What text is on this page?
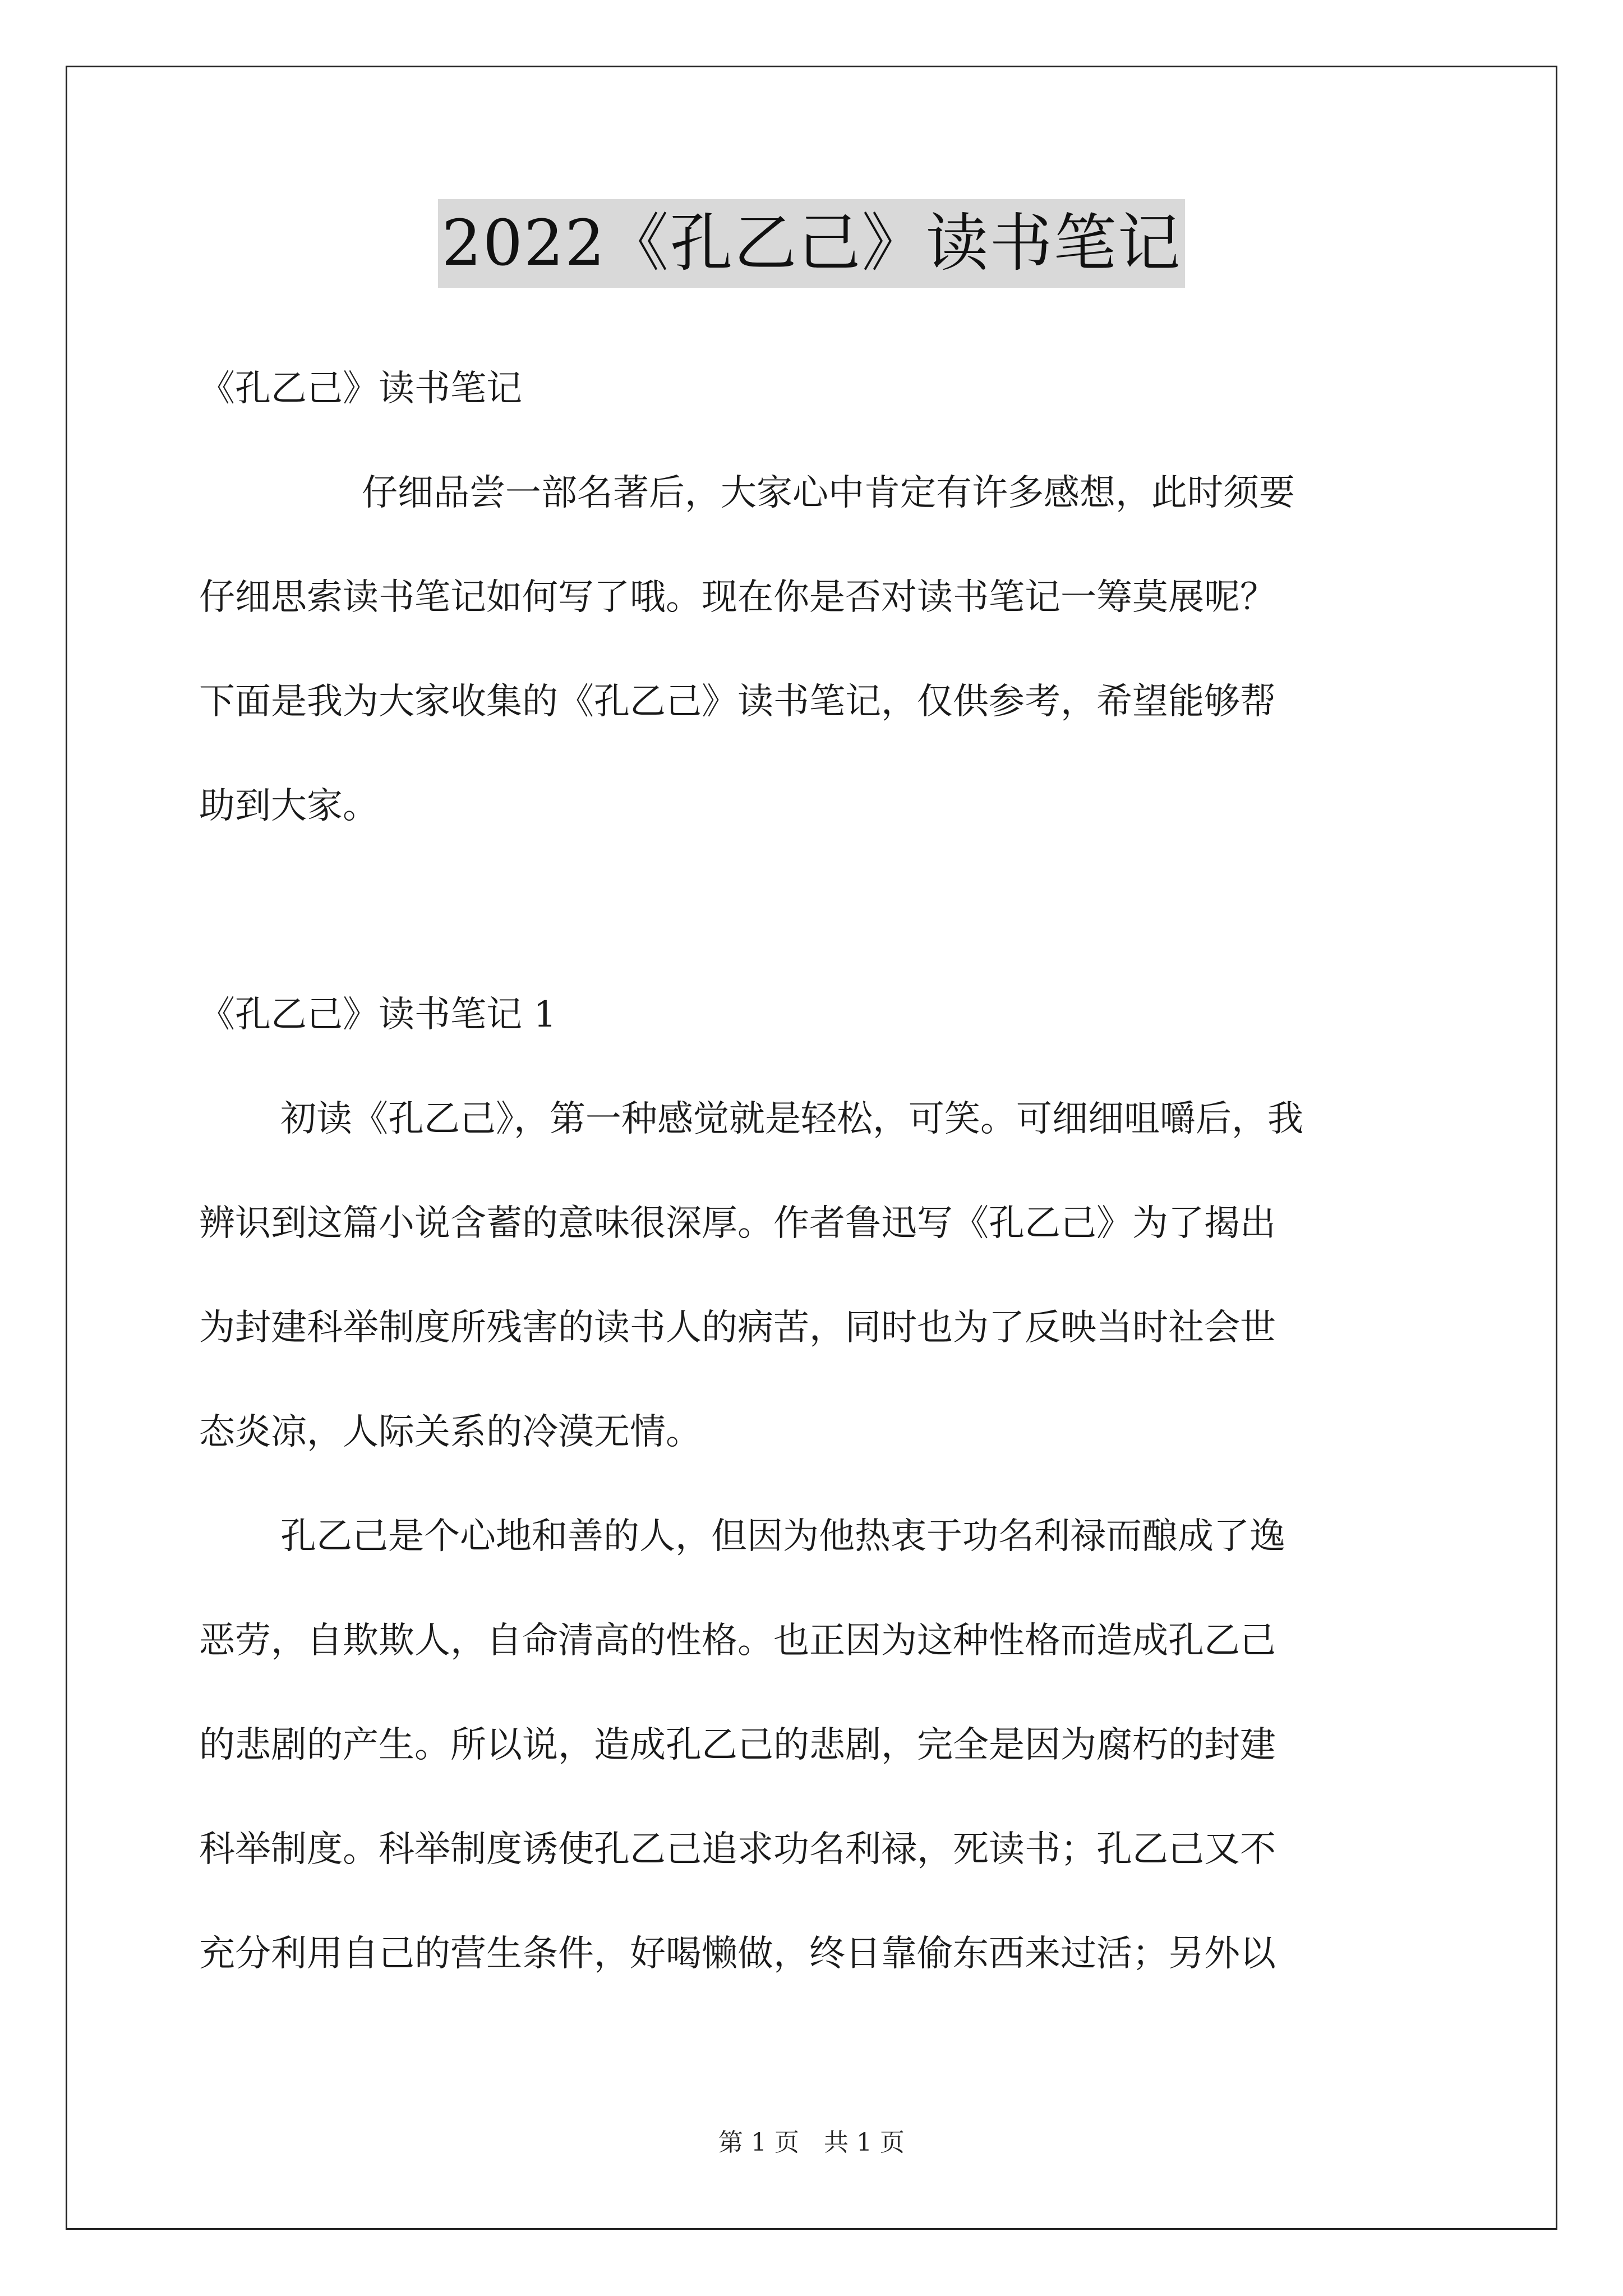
2022《孔乙己》读书笔记
《孔乙己》读书笔记
仔细品尝一部名著后，大家心中肯定有许多感想，此时须要
仔细思索读书笔记如何写了哦。现在你是否对读书笔记一筹莫展呢？
下面是我为大家收集的《孔乙己》读书笔记，仅供参考，希望能够帮
助到大家。
《孔乙己》读书笔记 1
初读《孔乙己》，第一种感觉就是轻松，可笑。可细细咀嚼后，我
辨识到这篇小说含蓄的意味很深厚。作者鲁迅写《孔乙己》为了揭出
为封建科举制度所残害的读书人的病苦，同时也为了反映当时社会世
态炎凉，人际关系的冷漠无情。
孔乙己是个心地和善的人，但因为他热衷于功名利禄而酿成了逸
恶劳，自欺欺人，自命清高的性格。也正因为这种性格而造成孔乙己
的悲剧的产生。所以说，造成孔乙己的悲剧，完全是因为腐朽的封建
科举制度。科举制度诱使孔乙己追求功名利禄，死读书；孔乙己又不
充分利用自己的营生条件，好喝懒做，终日靠偷东西来过活；另外以
第 1 页　共 1 页
